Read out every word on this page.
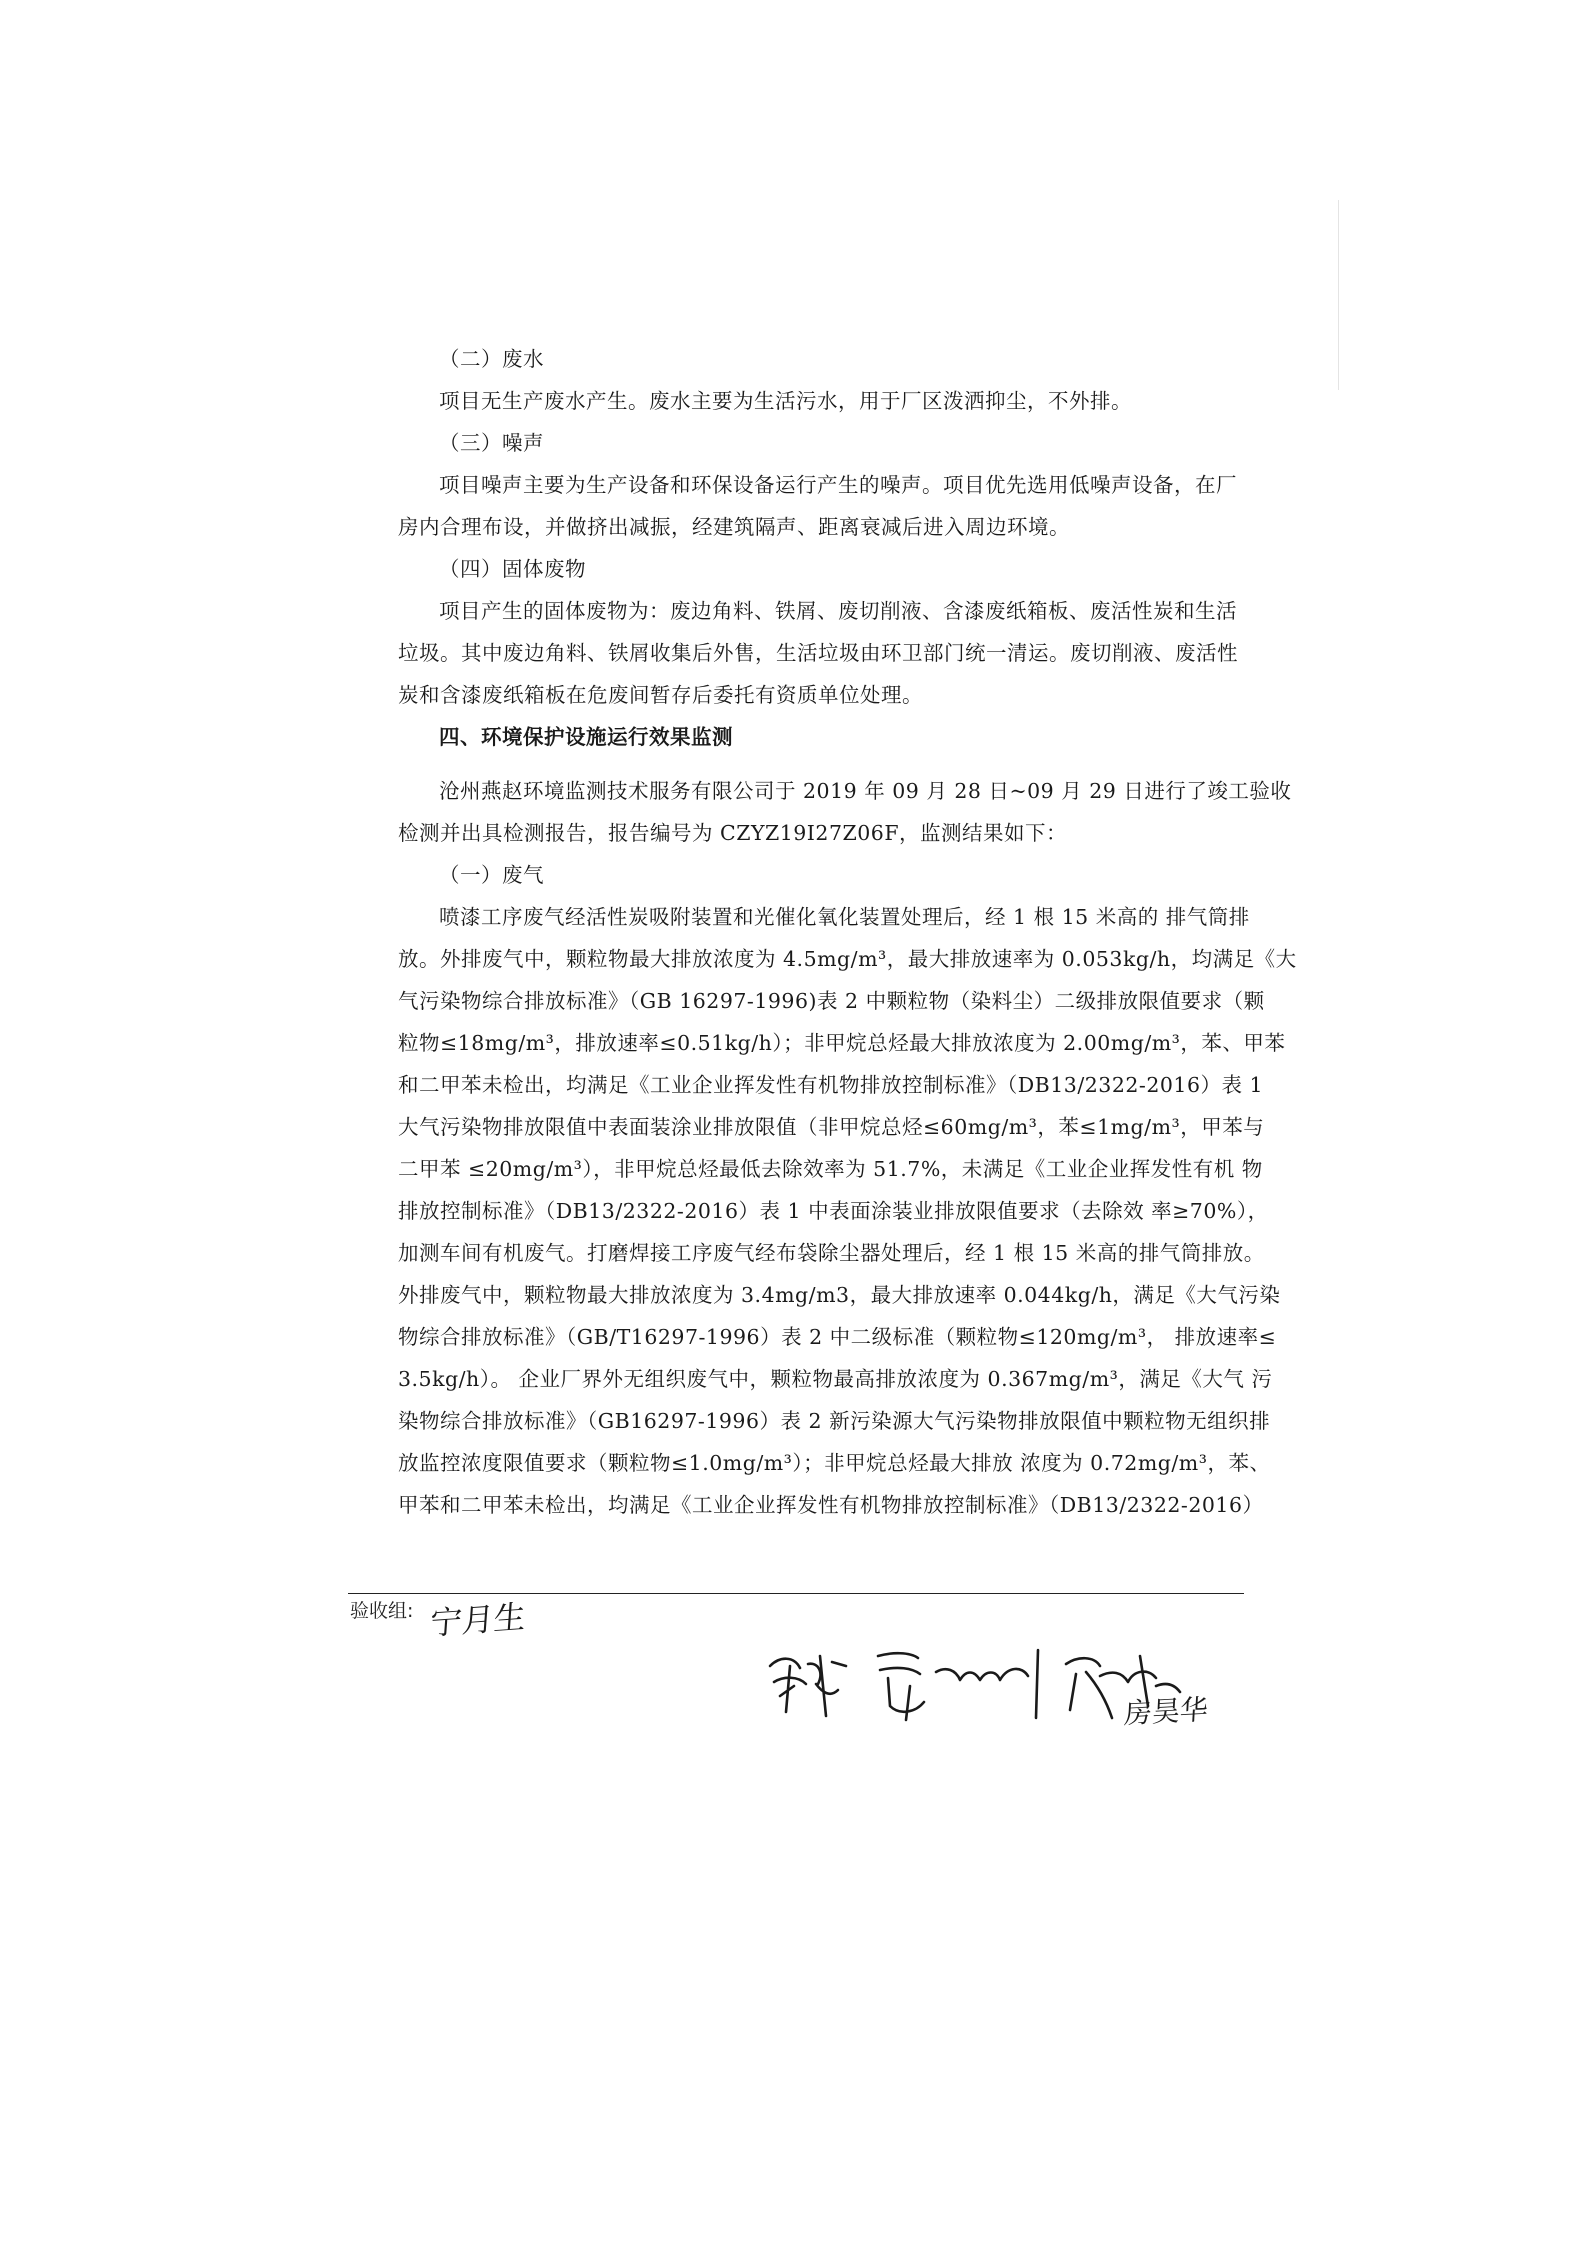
（二）废水
项目无生产废水产生。废水主要为生活污水，用于厂区泼洒抑尘，不外排。
（三）噪声
项目噪声主要为生产设备和环保设备运行产生的噪声。项目优先选用低噪声设备，在厂
房内合理布设，并做挤出减振，经建筑隔声、距离衰减后进入周边环境。
（四）固体废物
项目产生的固体废物为：废边角料、铁屑、废切削液、含漆废纸箱板、废活性炭和生活
垃圾。其中废边角料、铁屑收集后外售，生活垃圾由环卫部门统一清运。废切削液、废活性
炭和含漆废纸箱板在危废间暂存后委托有资质单位处理。
四、环境保护设施运行效果监测
沧州燕赵环境监测技术服务有限公司于 2019 年 09 月 28 日~09 月 29 日进行了竣工验收
检测并出具检测报告，报告编号为 CZYZ19I27Z06F，监测结果如下：
（一）废气
喷漆工序废气经活性炭吸附装置和光催化氧化装置处理后，经 1 根 15 米高的 排气筒排
放。外排废气中，颗粒物最大排放浓度为 4.5mg/m³，最大排放速率为 0.053kg/h，均满足《大
气污染物综合排放标准》（GB 16297-1996)表 2 中颗粒物（染料尘）二级排放限值要求（颗
粒物≤18mg/m³，排放速率≤0.51kg/h）；非甲烷总烃最大排放浓度为 2.00mg/m³，苯、甲苯
和二甲苯未检出，均满足《工业企业挥发性有机物排放控制标准》（DB13/2322-2016）表 1
大气污染物排放限值中表面装涂业排放限值（非甲烷总烃≤60mg/m³，苯≤1mg/m³，甲苯与
二甲苯 ≤20mg/m³），非甲烷总烃最低去除效率为 51.7%，未满足《工业企业挥发性有机 物
排放控制标准》（DB13/2322-2016）表 1 中表面涂装业排放限值要求（去除效 率≥70%），
加测车间有机废气。打磨焊接工序废气经布袋除尘器处理后，经 1 根 15 米高的排气筒排放。
外排废气中，颗粒物最大排放浓度为 3.4mg/m3，最大排放速率 0.044kg/h，满足《大气污染
物综合排放标准》（GB/T16297-1996）表 2 中二级标准（颗粒物≤120mg/m³， 排放速率≤
3.5kg/h）。 企业厂界外无组织废气中，颗粒物最高排放浓度为 0.367mg/m³，满足《大气 污
染物综合排放标准》（GB16297-1996）表 2 新污染源大气污染物排放限值中颗粒物无组织排
放监控浓度限值要求（颗粒物≤1.0mg/m³）；非甲烷总烃最大排放 浓度为 0.72mg/m³，苯、
甲苯和二甲苯未检出，均满足《工业企业挥发性有机物排放控制标准》（DB13/2322-2016）
验收组: 宁月生
房昊华
